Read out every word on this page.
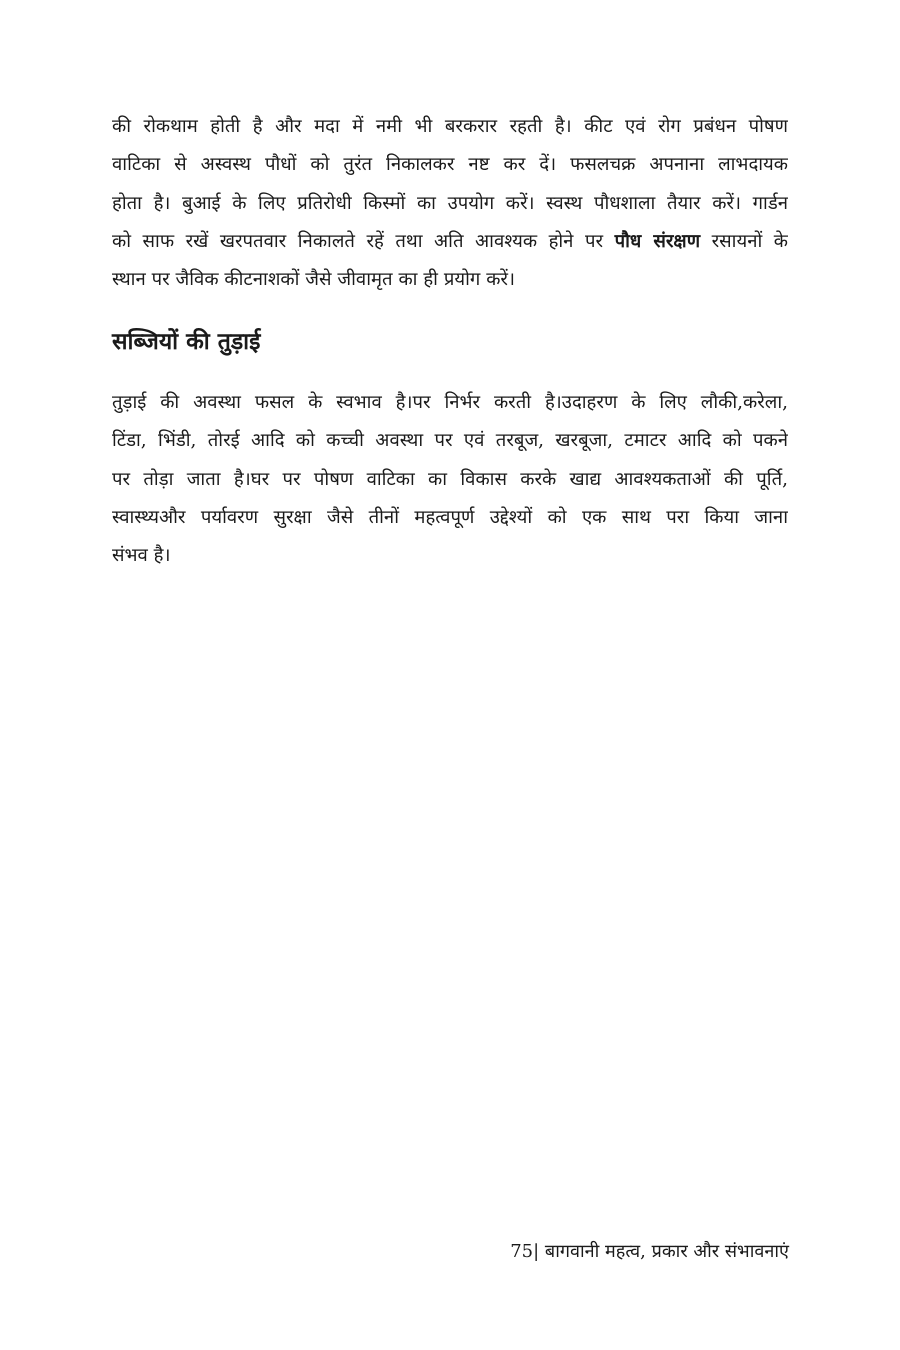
की रोकथाम होती है और मदा में नमी भी बरकरार रहती है। कीट एवं रोग प्रबंधन पोषण
वाटिका से अस्वस्थ पौधों को तुरंत निकालकर नष्ट कर दें। फसलचक्र अपनाना लाभदायक
होता है। बुआई के लिए प्रतिरोधी किस्मों का उपयोग करें। स्वस्थ पौधशाला तैयार करें। गार्डन
को साफ रखें खरपतवार निकालते रहें तथा अति आवश्यक होने पर पौध संरक्षण रसायनों के
स्थान पर जैविक कीटनाशकों जैसे जीवामृत का ही प्रयोग करें।

सब्जियों की तुड़ाई

तुड़ाई की अवस्था फसल के स्वभाव है।पर निर्भर करती है।उदाहरण के लिए लौकी,करेला,
टिंडा, भिंडी, तोरई आदि को कच्ची अवस्था पर एवं तरबूज, खरबूजा, टमाटर आदि को पकने
पर तोड़ा जाता है।घर पर पोषण वाटिका का विकास करके खाद्य आवश्यकताओं की पूर्ति,
स्वास्थ्यऔर पर्यावरण सुरक्षा जैसे तीनों महत्वपूर्ण उद्देश्यों को एक साथ परा किया जाना
संभव है।

75| बागवानी महत्व, प्रकार और संभावनाएं
